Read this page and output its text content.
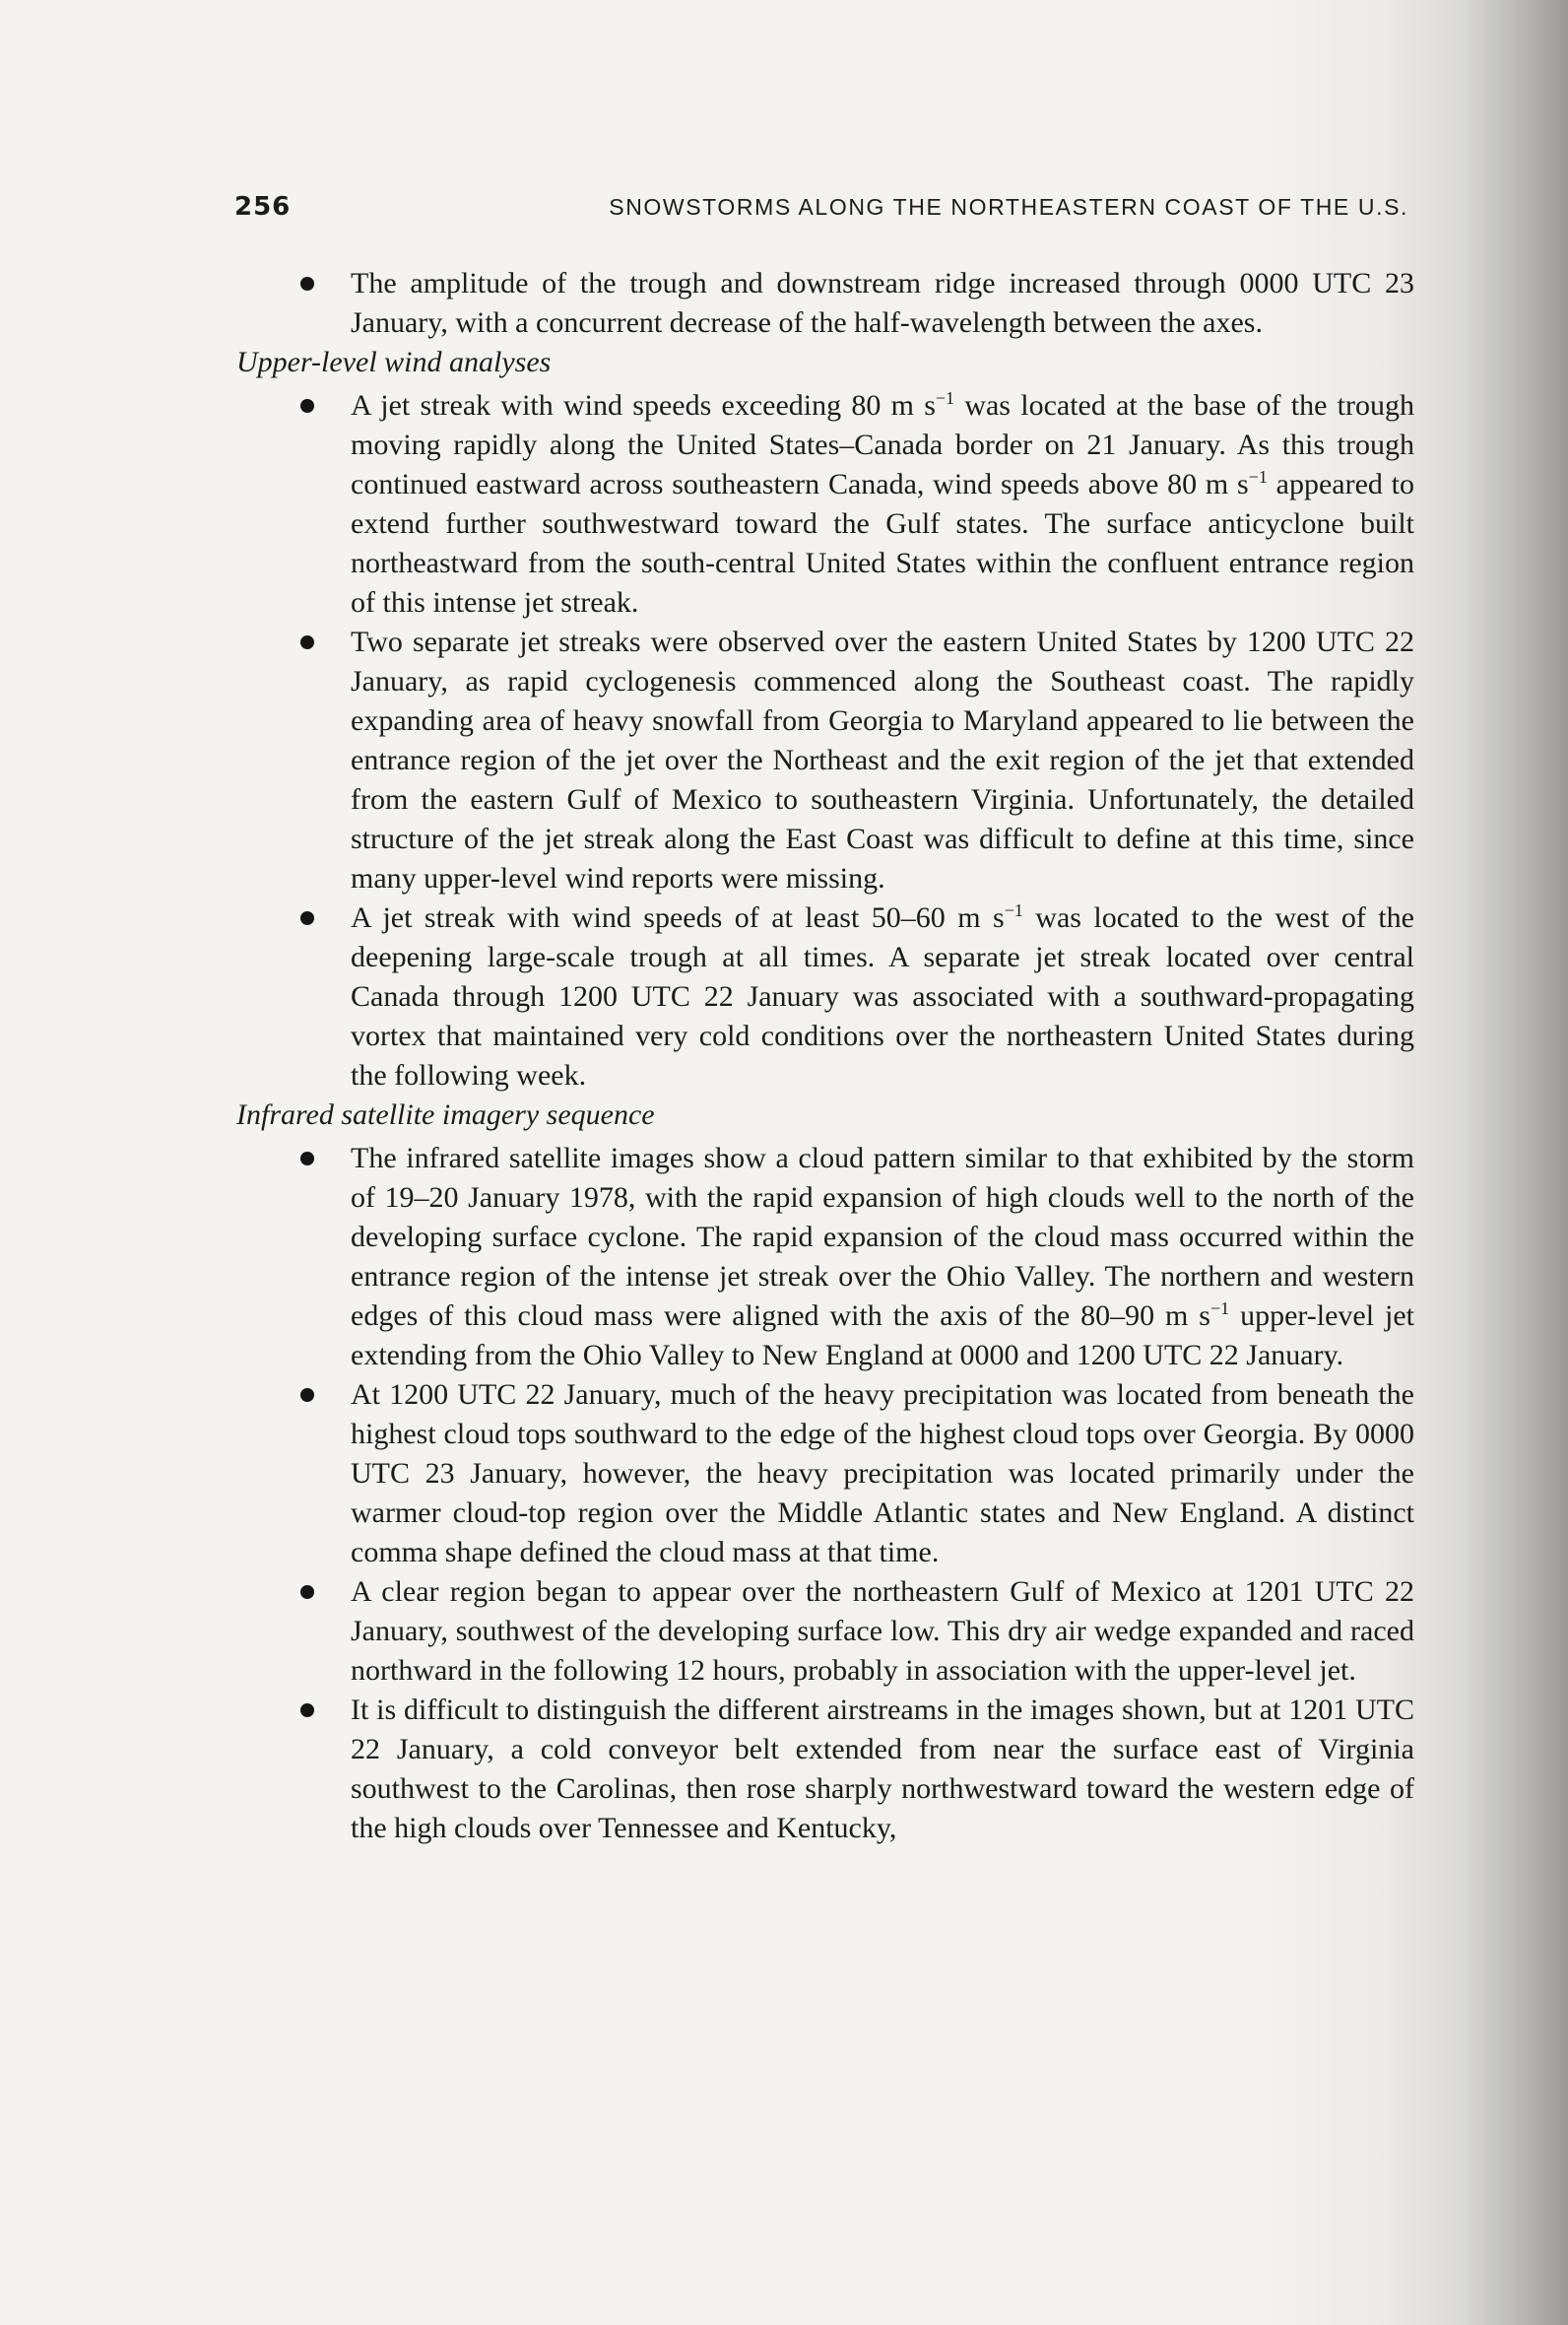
256	SNOWSTORMS ALONG THE NORTHEASTERN COAST OF THE U.S.

The amplitude of the trough and downstream ridge increased through 0000 UTC 23 January, with a concurrent decrease of the half-wavelength between the axes.

Upper-level wind analyses

A jet streak with wind speeds exceeding 80 m $s^{-1}$ was located at the base of the trough moving rapidly along the United States–Canada border on 21 January. As this trough continued eastward across southeastern Canada, wind speeds above 80 m $s^{-1}$ appeared to extend further southwestward toward the Gulf states. The surface anticyclone built northeastward from the south-central United States within the confluent entrance region of this intense jet streak.

Two separate jet streaks were observed over the eastern United States by 1200 UTC 22 January, as rapid cyclogenesis commenced along the Southeast coast. The rapidly expanding area of heavy snowfall from Georgia to Maryland appeared to lie between the entrance region of the jet over the Northeast and the exit region of the jet that extended from the eastern Gulf of Mexico to southeastern Virginia. Unfortunately, the detailed structure of the jet streak along the East Coast was difficult to define at this time, since many upper-level wind reports were missing.

A jet streak with wind speeds of at least 50–60 m $s^{-1}$ was located to the west of the deepening large-scale trough at all times. A separate jet streak located over central Canada through 1200 UTC 22 January was associated with a southward-propagating vortex that maintained very cold conditions over the northeastern United States during the following week.

Infrared satellite imagery sequence

The infrared satellite images show a cloud pattern similar to that exhibited by the storm of 19–20 January 1978, with the rapid expansion of high clouds well to the north of the developing surface cyclone. The rapid expansion of the cloud mass occurred within the entrance region of the intense jet streak over the Ohio Valley. The northern and western edges of this cloud mass were aligned with the axis of the 80–90 m $s^{-1}$ upper-level jet extending from the Ohio Valley to New England at 0000 and 1200 UTC 22 January.

At 1200 UTC 22 January, much of the heavy precipitation was located from beneath the highest cloud tops southward to the edge of the highest cloud tops over Georgia. By 0000 UTC 23 January, however, the heavy precipitation was located primarily under the warmer cloud-top region over the Middle Atlantic states and New England. A distinct comma shape defined the cloud mass at that time.

A clear region began to appear over the northeastern Gulf of Mexico at 1201 UTC 22 January, southwest of the developing surface low. This dry air wedge expanded and raced northward in the following 12 hours, probably in association with the upper-level jet.

It is difficult to distinguish the different airstreams in the images shown, but at 1201 UTC 22 January, a cold conveyor belt extended from near the surface east of Virginia southwest to the Carolinas, then rose sharply northwestward toward the western edge of the high clouds over Tennessee and Kentucky,
